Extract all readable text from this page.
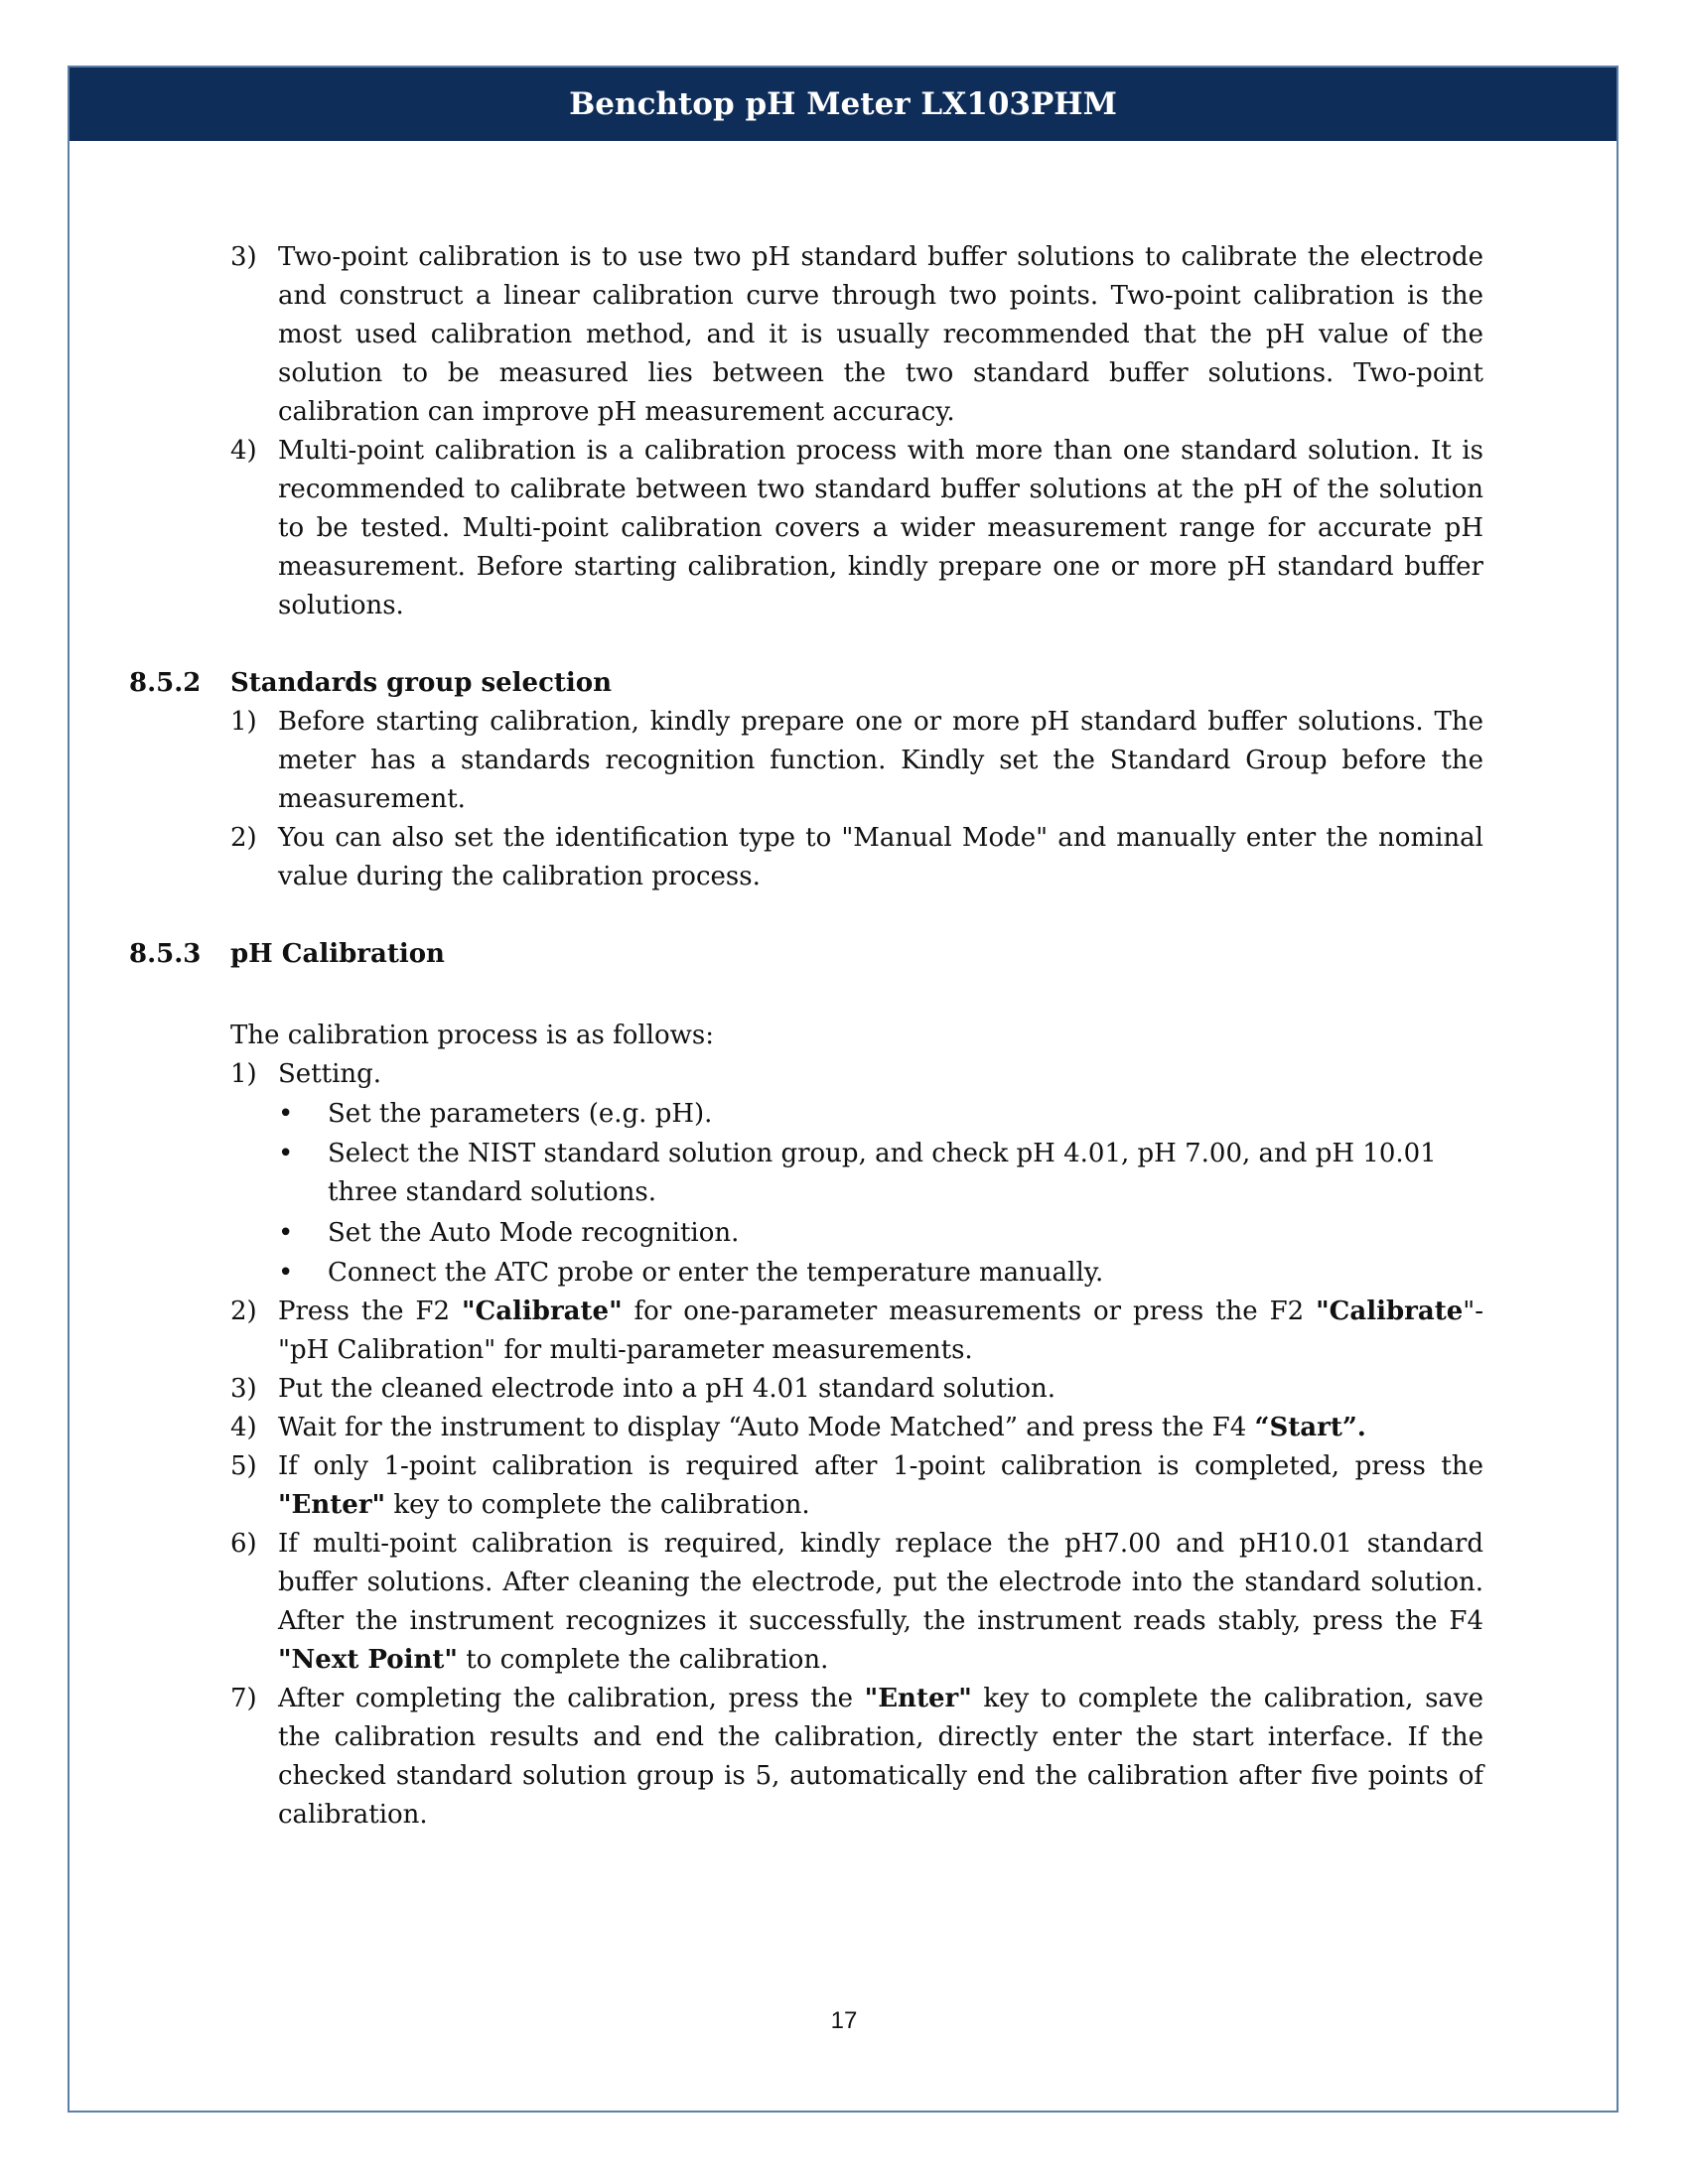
Benchtop pH Meter LX103PHM
3) Two-point calibration is to use two pH standard buffer solutions to calibrate the electrode and construct a linear calibration curve through two points. Two-point calibration is the most used calibration method, and it is usually recommended that the pH value of the solution to be measured lies between the two standard buffer solutions. Two-point calibration can improve pH measurement accuracy.
4) Multi-point calibration is a calibration process with more than one standard solution. It is recommended to calibrate between two standard buffer solutions at the pH of the solution to be tested. Multi-point calibration covers a wider measurement range for accurate pH measurement. Before starting calibration, kindly prepare one or more pH standard buffer solutions.
8.5.2 Standards group selection
1) Before starting calibration, kindly prepare one or more pH standard buffer solutions. The meter has a standards recognition function. Kindly set the Standard Group before the measurement.
2) You can also set the identification type to "Manual Mode" and manually enter the nominal value during the calibration process.
8.5.3 pH Calibration
The calibration process is as follows:
1) Setting.
• Set the parameters (e.g. pH).
• Select the NIST standard solution group, and check pH 4.01, pH 7.00, and pH 10.01 three standard solutions.
• Set the Auto Mode recognition.
• Connect the ATC probe or enter the temperature manually.
2) Press the F2 "Calibrate" for one-parameter measurements or press the F2 "Calibrate"-"pH Calibration" for multi-parameter measurements.
3) Put the cleaned electrode into a pH 4.01 standard solution.
4) Wait for the instrument to display “Auto Mode Matched” and press the F4 “Start”.
5) If only 1-point calibration is required after 1-point calibration is completed, press the "Enter" key to complete the calibration.
6) If multi-point calibration is required, kindly replace the pH7.00 and pH10.01 standard buffer solutions. After cleaning the electrode, put the electrode into the standard solution. After the instrument recognizes it successfully, the instrument reads stably, press the F4 "Next Point" to complete the calibration.
7) After completing the calibration, press the "Enter" key to complete the calibration, save the calibration results and end the calibration, directly enter the start interface. If the checked standard solution group is 5, automatically end the calibration after five points of calibration.
17
